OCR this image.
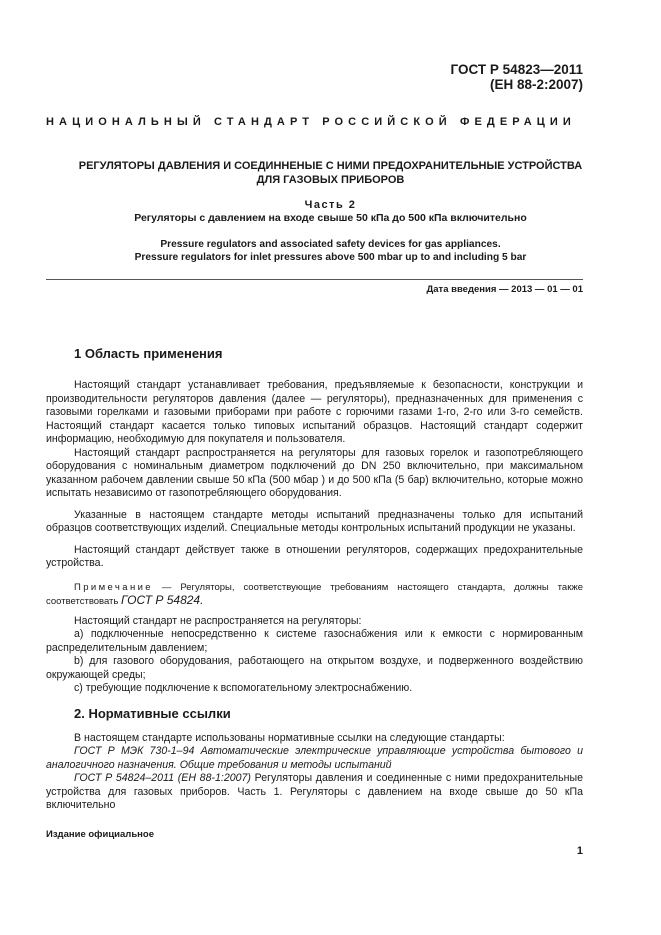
ГОСТ Р 54823—2011
(ЕН 88-2:2007)
НАЦИОНАЛЬНЫЙ СТАНДАРТ РОССИЙСКОЙ ФЕДЕРАЦИИ
РЕГУЛЯТОРЫ ДАВЛЕНИЯ И СОЕДИННЕНЫЕ С НИМИ ПРЕДОХРАНИТЕЛЬНЫЕ УСТРОЙСТВА
ДЛЯ ГАЗОВЫХ ПРИБОРОВ
Часть 2
Регуляторы с давлением на входе свыше 50 кПа до 500 кПа включительно
Pressure regulators and associated safety devices for gas appliances.
Pressure regulators for inlet pressures above 500 mbar up to and including 5 bar
Дата введения — 2013 — 01 — 01
1 Область применения

Настоящий стандарт устанавливает требования, предъявляемые к безопасности, конструкции и производительности регуляторов давления (далее — регуляторы), предназначенных для применения с газовыми горелками и газовыми приборами при работе с горючими газами 1-го, 2-го или 3-го семейств. Настоящий стандарт касается только типовых испытаний образцов. Настоящий стандарт содержит информацию, необходимую для покупателя и пользователя.

Настоящий стандарт распространяется на регуляторы для газовых горелок и газопотребляющего оборудования с номинальным диаметром подключений до DN 250 включительно, при максимальном указанном рабочем давлении свыше 50 кПа (500 мбар ) и до 500 кПа (5 бар) включительно, которые можно испытать независимо от газопотребляющего оборудования.

Указанные в настоящем стандарте методы испытаний предназначены только для испытаний образцов соответствующих изделий. Специальные методы контрольных испытаний продукции не указаны.

Настоящий стандарт действует также в отношении регуляторов, содержащих предохранительные устройства.

Примечание — Регуляторы, соответствующие требованиям настоящего стандарта, должны также соответствовать ГОСТ Р 54824.

Настоящий стандарт не распространяется на регуляторы:

а) подключенные непосредственно к системе газоснабжения или к емкости с нормированным распределительным давлением;

b) для газового оборудования, работающего на открытом воздухе, и подверженного воздействию окружающей среды;

с) требующие подключение к вспомогательному электроснабжению.

2. Нормативные ссылки

В настоящем стандарте использованы нормативные ссылки на следующие стандарты:

ГОСТ Р МЭК 730-1–94 Автоматические электрические управляющие устройства бытового и аналогичного назначения. Общие требования и методы испытаний

ГОСТ Р 54824–2011 (ЕН 88-1:2007) Регуляторы давления и соединенные с ними предохранительные устройства для газовых приборов. Часть 1. Регуляторы с давлением на входе свыше до 50 кПа включительно

Издание официальное
1
